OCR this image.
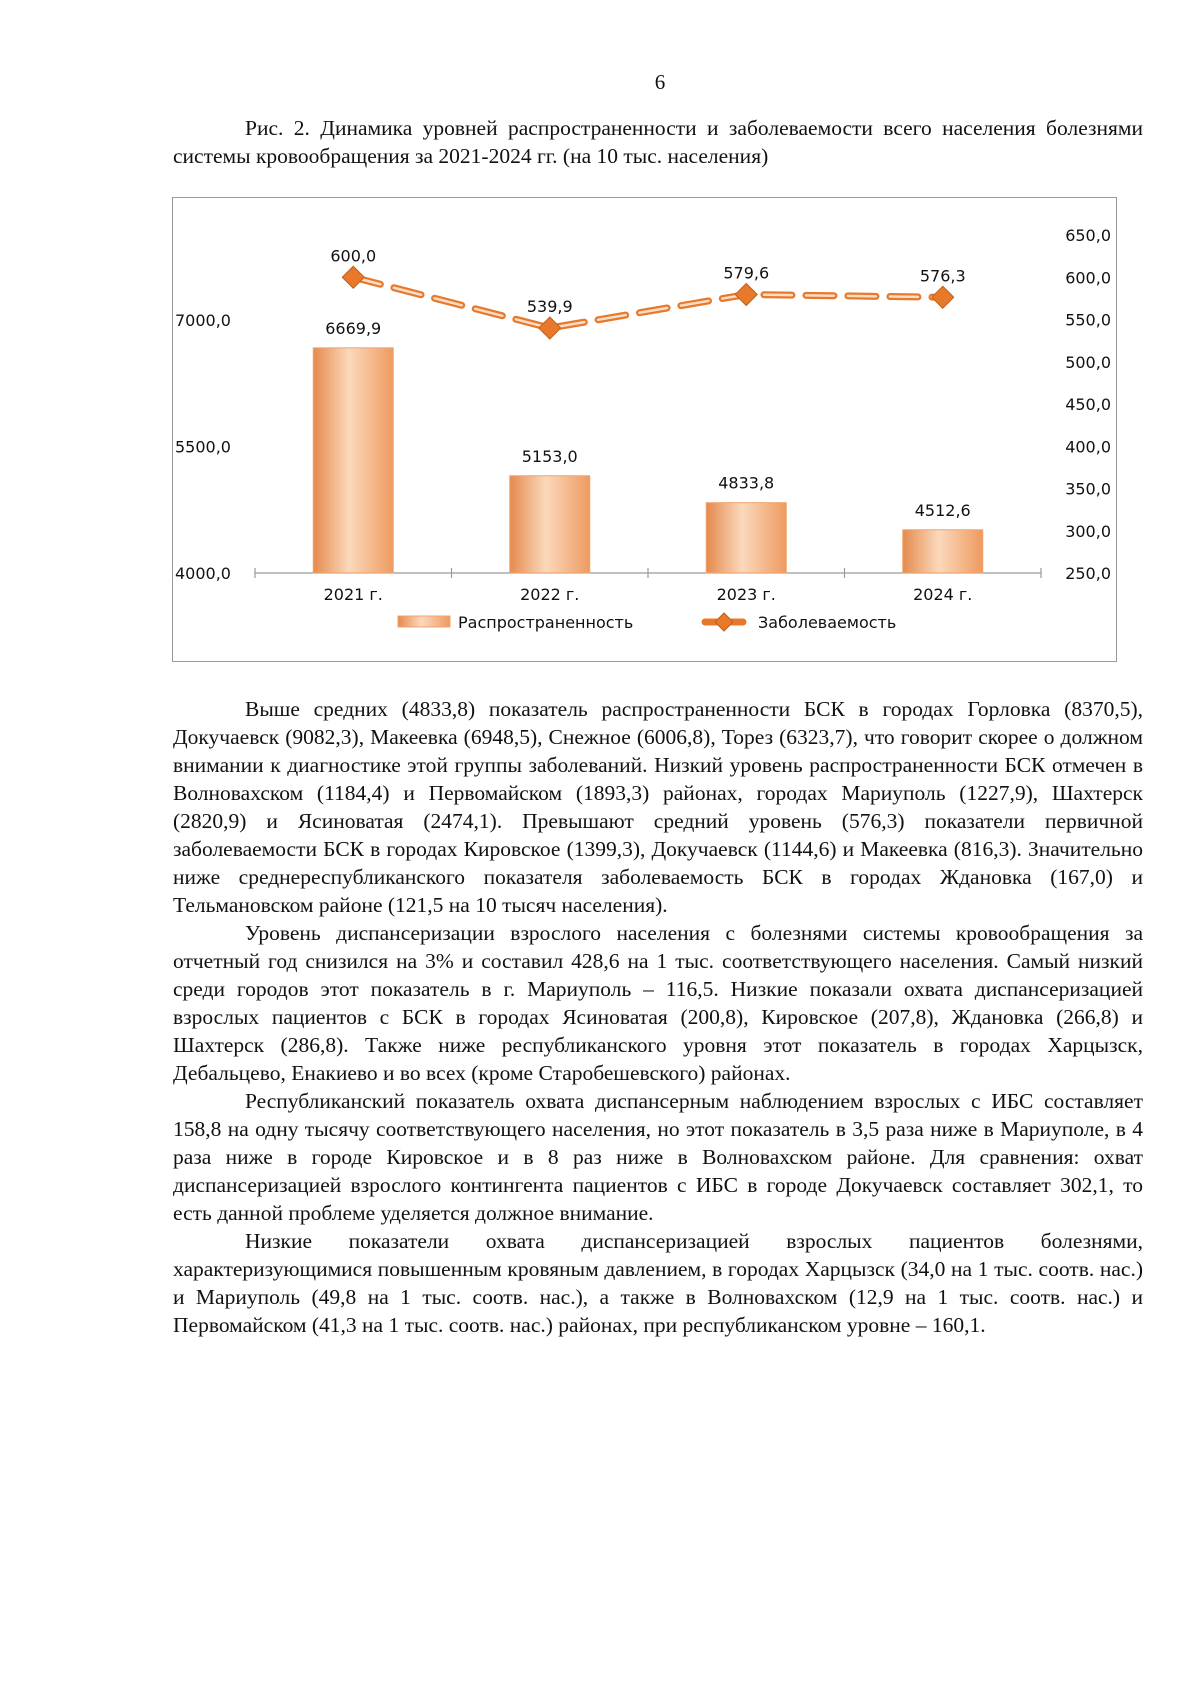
6
Рис. 2. Динамика уровней распространенности и заболеваемости всего населения болезнями системы кровообращения за 2021-2024 гг. (на 10 тыс. населения)
4000,0
5500,0
7000,0
250,0
300,0
350,0
400,0
450,0
500,0
550,0
600,0
650,0
6669,9
5153,0
4833,8
4512,6
600,0
539,9
579,6	576,3
2021 г.	2022 г.	2023 г.	2024 г.
Распространенность	Заболеваемость

Выше средних (4833,8) показатель распространенности БСК в городах Горловка (8370,5), Докучаевск (9082,3), Макеевка (6948,5), Снежное (6006,8), Торез (6323,7), что говорит скорее о должном внимании к диагностике этой группы заболеваний. Низкий уровень распространенности БСК отмечен в Волновахском (1184,4) и Первомайском (1893,3) районах, городах Мариуполь (1227,9), Шахтерск (2820,9) и Ясиноватая (2474,1). Превышают средний уровень (576,3) показатели первичной заболеваемости БСК в городах Кировское (1399,3), Докучаевск (1144,6) и Макеевка (816,3). Значительно ниже среднереспубликанского показателя заболеваемость БСК в городах Ждановка (167,0) и Тельмановском районе (121,5 на 10 тысяч населения).

Уровень диспансеризации взрослого населения с болезнями системы кровообращения за отчетный год снизился на 3% и составил 428,6 на 1 тыс. соответствующего населения. Самый низкий среди городов этот показатель в г. Мариуполь – 116,5. Низкие показали охвата диспансеризацией взрослых пациентов с БСК в городах Ясиноватая (200,8), Кировское (207,8), Ждановка (266,8) и Шахтерск (286,8). Также ниже республиканского уровня этот показатель в городах Харцызск, Дебальцево, Енакиево и во всех (кроме Старобешевского) районах.

Республиканский показатель охвата диспансерным наблюдением взрослых с ИБС составляет 158,8 на одну тысячу соответствующего населения, но этот показатель в 3,5 раза ниже в Мариуполе, в 4 раза ниже в городе Кировское и в 8 раз ниже в Волновахском районе. Для сравнения: охват диспансеризацией взрослого контингента пациентов с ИБС в городе Докучаевск составляет 302,1, то есть данной проблеме уделяется должное внимание.

Низкие показатели охвата диспансеризацией взрослых пациентов болезнями, характеризующимися повышенным кровяным давлением, в городах Харцызск (34,0 на 1 тыс. соотв. нас.) и Мариуполь (49,8 на 1 тыс. соотв. нас.), а также в Волновахском (12,9 на 1 тыс. соотв. нас.) и Первомайском (41,3 на 1 тыс. соотв. нас.) районах, при республиканском уровне – 160,1.
